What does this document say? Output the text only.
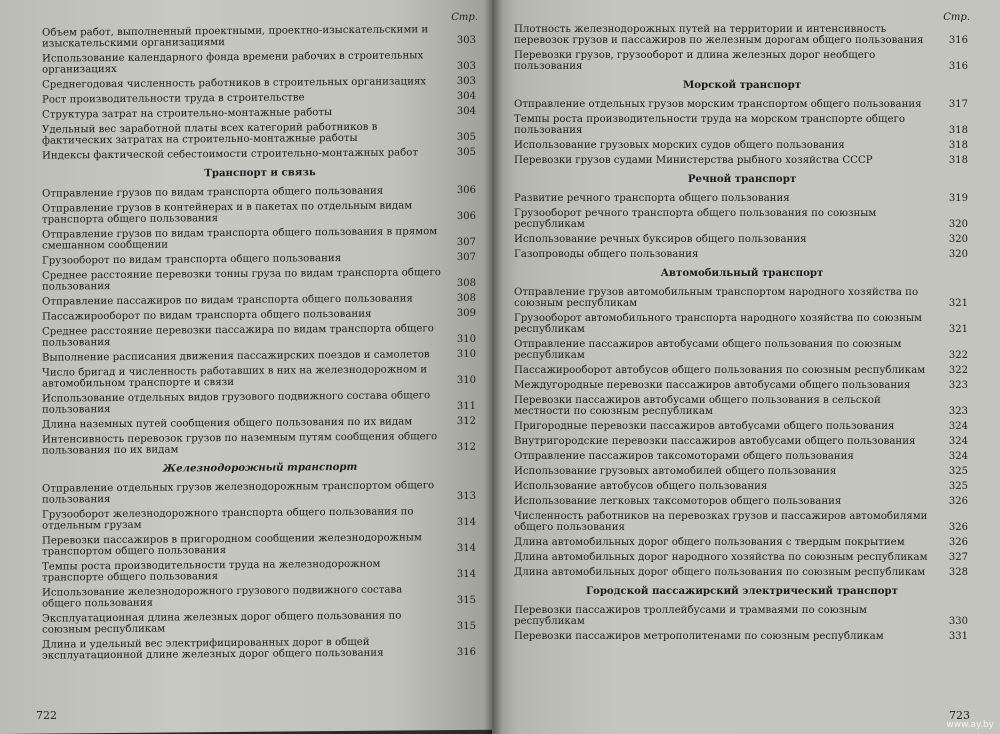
Стр.
Объем работ, выполненный проектными, проектно-изыскательскими и изыскательскими организациями	303
Использование календарного фонда времени рабочих в строительных организациях	303
Среднегодовая численность работников в строительных организациях	303
Рост производительности труда в строительстве	304
Структура затрат на строительно-монтажные работы	304
Удельный вес заработной платы всех категорий работников в фактических затратах на строительно-монтажные работы	305
Индексы фактической себестоимости строительно-монтажных работ	305
Транспорт и связь
Отправление грузов по видам транспорта общего пользования	306
Отправление грузов в контейнерах и в пакетах по отдельным видам транспорта общего пользования	306
Отправление грузов по видам транспорта общего пользования в прямом смешанном сообщении	307
Грузооборот по видам транспорта общего пользования	307
Среднее расстояние перевозки тонны груза по видам транспорта общего пользования	308
Отправление пассажиров по видам транспорта общего пользования	308
Пассажирооборот по видам транспорта общего пользования	309
Среднее расстояние перевозки пассажира по видам транспорта общего пользования	310
Выполнение расписания движения пассажирских поездов и самолетов	310
Число бригад и численность работавших в них на железнодорожном и автомобильном транспорте и связи	310
Использование отдельных видов грузового подвижного состава общего пользования	311
Длина наземных путей сообщения общего пользования по их видам	312
Интенсивность перевозок грузов по наземным путям сообщения общего пользования по их видам	312
Железнодорожный транспорт
Отправление отдельных грузов железнодорожным транспортом общего пользования	313
Грузооборот железнодорожного транспорта общего пользования по отдельным грузам	314
Перевозки пассажиров в пригородном сообщении железнодорожным транспортом общего пользования	314
Темпы роста производительности труда на железнодорожном транспорте общего пользования	314
Использование железнодорожного грузового подвижного состава общего пользования	315
Эксплуатационная длина железных дорог общего пользования по союзным республикам	315
Длина и удельный вес электрифицированных дорог в общей эксплуатационной длине железных дорог общего пользования	316
Стр.
Плотность железнодорожных путей на территории и интенсивность перевозок грузов и пассажиров по железным дорогам общего пользования	316
Перевозки грузов, грузооборот и длина железных дорог необщего пользования	316
Морской транспорт
Отправление отдельных грузов морским транспортом общего пользования	317
Темпы роста производительности труда на морском транспорте общего пользования	318
Использование грузовых морских судов общего пользования	318
Перевозки грузов судами Министерства рыбного хозяйства СССР	318
Речной транспорт
Развитие речного транспорта общего пользования	319
Грузооборот речного транспорта общего пользования по союзным республикам	320
Использование речных буксиров общего пользования	320
Газопроводы общего пользования	320
Автомобильный транспорт
Отправление грузов автомобильным транспортом народного хозяйства по союзным республикам	321
Грузооборот автомобильного транспорта народного хозяйства по союзным республикам	321
Отправление пассажиров автобусами общего пользования по союзным республикам	322
Пассажирооборот автобусов общего пользования по союзным республикам 322
Междугородные перевозки пассажиров автобусами общего пользования	323
Перевозки пассажиров автобусами общего пользования в сельской местности по союзным республикам	323
Пригородные перевозки пассажиров автобусами общего пользования	324
Внутригородские перевозки пассажиров автобусами общего пользования	324
Отправление пассажиров таксомоторами общего пользования	324
Использование грузовых автомобилей общего пользования	325
Использование автобусов общего пользования	325
Использование легковых таксомоторов общего пользования	326
Численность работников на перевозках грузов и пассажиров автомобилями общего пользования	326
Длина автомобильных дорог общего пользования с твердым покрытием	326
Длина автомобильных дорог народного хозяйства по союзным республикам 327
Длина автомобильных дорог общего пользования по союзным республикам 328
Городской пассажирский электрический транспорт
Перевозки пассажиров троллейбусами и трамваями по союзным республикам	330
Перевозки пассажиров метрополитенами по союзным республикам	331
722	723
www.ay.by
